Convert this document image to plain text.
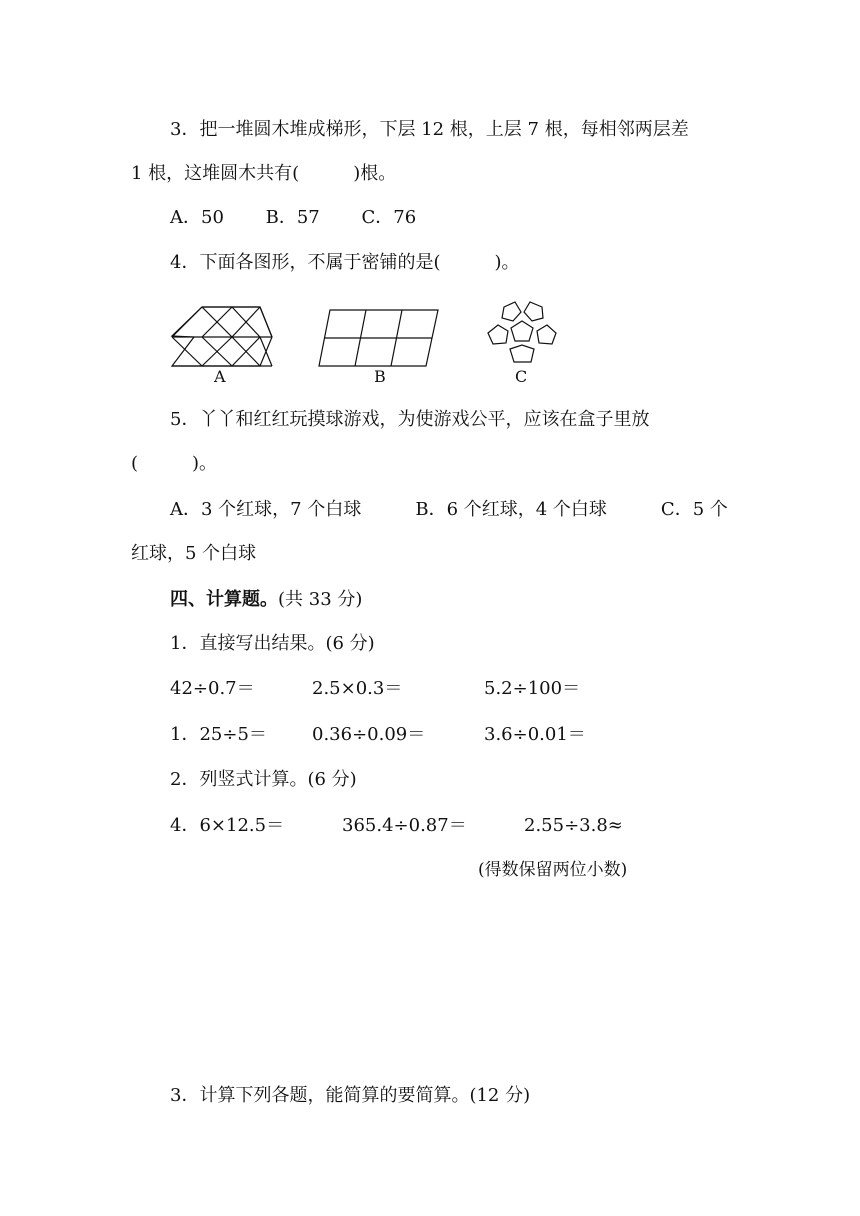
3．把一堆圆木堆成梯形，下层 12 根，上层 7 根，每相邻两层差
1 根，这堆圆木共有(　　　)根。
A．50　　 B．57　　 C．76
4．下面各图形，不属于密铺的是(　　　)。
A	B	C
5．丫丫和红红玩摸球游戏，为使游戏公平，应该在盒子里放
(　　　)。
A．3 个红球，7 个白球　　　B．6 个红球，4 个白球　　　C．5 个
红球，5 个白球
四、计算题。(共 33 分)
1．直接写出结果。(6 分)
42÷0.7＝	2.5×0.3＝	5.2÷100＝
1．25÷5＝	0.36÷0.09＝	3.6÷0.01＝
2．列竖式计算。(6 分)
4．6×12.5＝	365.4÷0.87＝	2.55÷3.8≈
(得数保留两位小数)
3．计算下列各题，能简算的要简算。(12 分)
